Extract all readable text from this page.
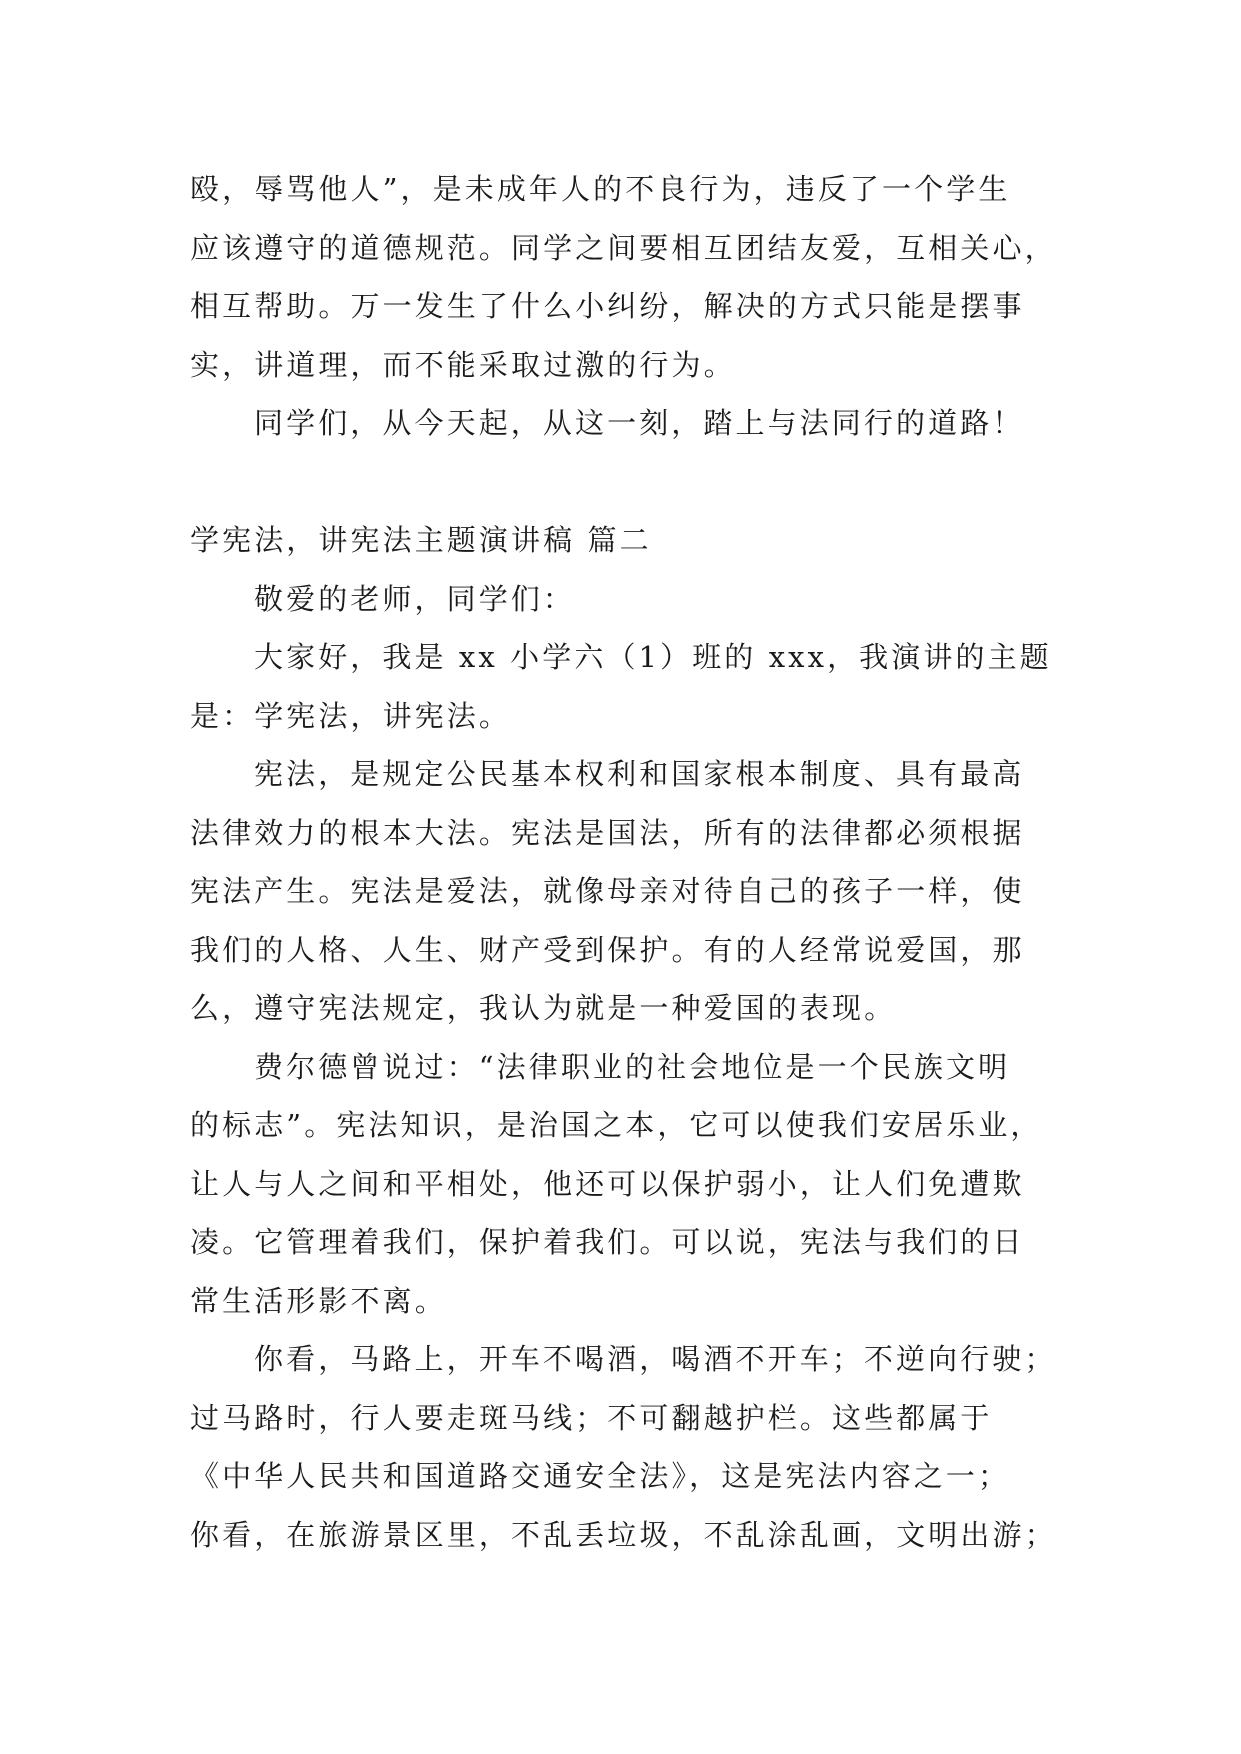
殴，辱骂他人”，是未成年人的不良行为，违反了一个学生
应该遵守的道德规范。同学之间要相互团结友爱，互相关心，
相互帮助。万一发生了什么小纠纷，解决的方式只能是摆事
实，讲道理，而不能采取过激的行为。
同学们，从今天起，从这一刻，踏上与法同行的道路！
学宪法，讲宪法主题演讲稿 篇二
敬爱的老师，同学们：
大家好，我是 xx 小学六（1）班的 xxx，我演讲的主题
是：学宪法，讲宪法。
宪法，是规定公民基本权利和国家根本制度、具有最高
法律效力的根本大法。宪法是国法，所有的法律都必须根据
宪法产生。宪法是爱法，就像母亲对待自己的孩子一样，使
我们的人格、人生、财产受到保护。有的人经常说爱国，那
么，遵守宪法规定，我认为就是一种爱国的表现。
费尔德曾说过：“法律职业的社会地位是一个民族文明
的标志”。宪法知识，是治国之本，它可以使我们安居乐业，
让人与人之间和平相处，他还可以保护弱小，让人们免遭欺
凌。它管理着我们，保护着我们。可以说，宪法与我们的日
常生活形影不离。
你看，马路上，开车不喝酒，喝酒不开车；不逆向行驶；
过马路时，行人要走斑马线；不可翻越护栏。这些都属于
《中华人民共和国道路交通安全法》，这是宪法内容之一；
你看，在旅游景区里，不乱丢垃圾，不乱涂乱画，文明出游；
